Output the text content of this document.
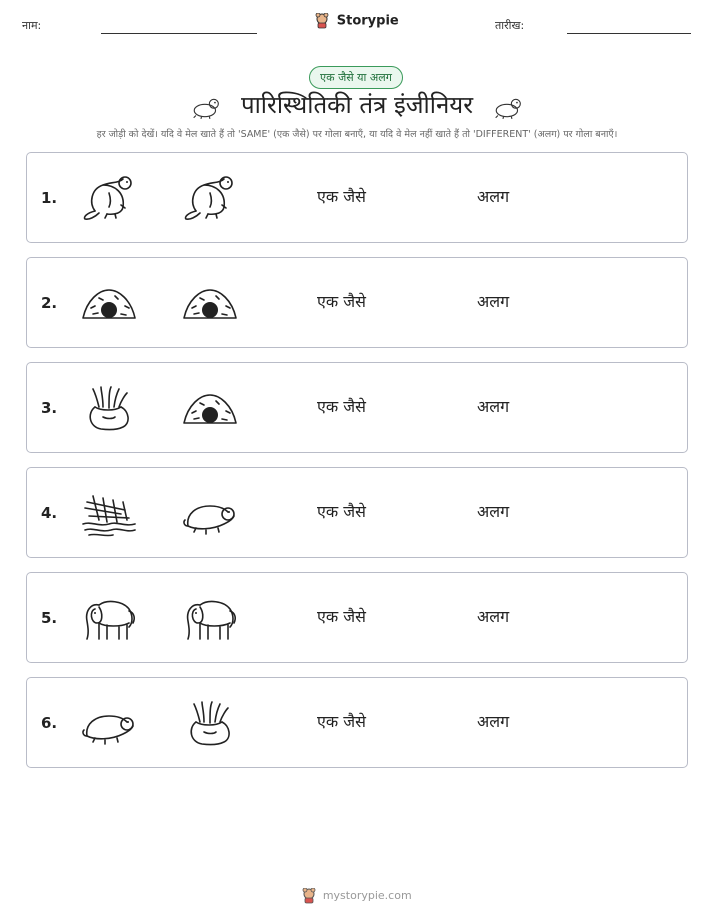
नाम:	Storypie	तारीख:
एक जैसे या अलग
पारिस्थितिकी तंत्र इंजीनियर
हर जोड़ी को देखें। यदि वे मेल खाते हैं तो 'SAME' (एक जैसे) पर गोला बनाएँ, या यदि वे मेल नहीं खाते हैं तो 'DIFFERENT' (अलग) पर गोला बनाएँ।
1.	एक जैसे	अलग
2.	एक जैसे	अलग
3.	एक जैसे	अलग
4.	एक जैसे	अलग
5.	एक जैसे	अलग
6.	एक जैसे	अलग
mystorypie.com
